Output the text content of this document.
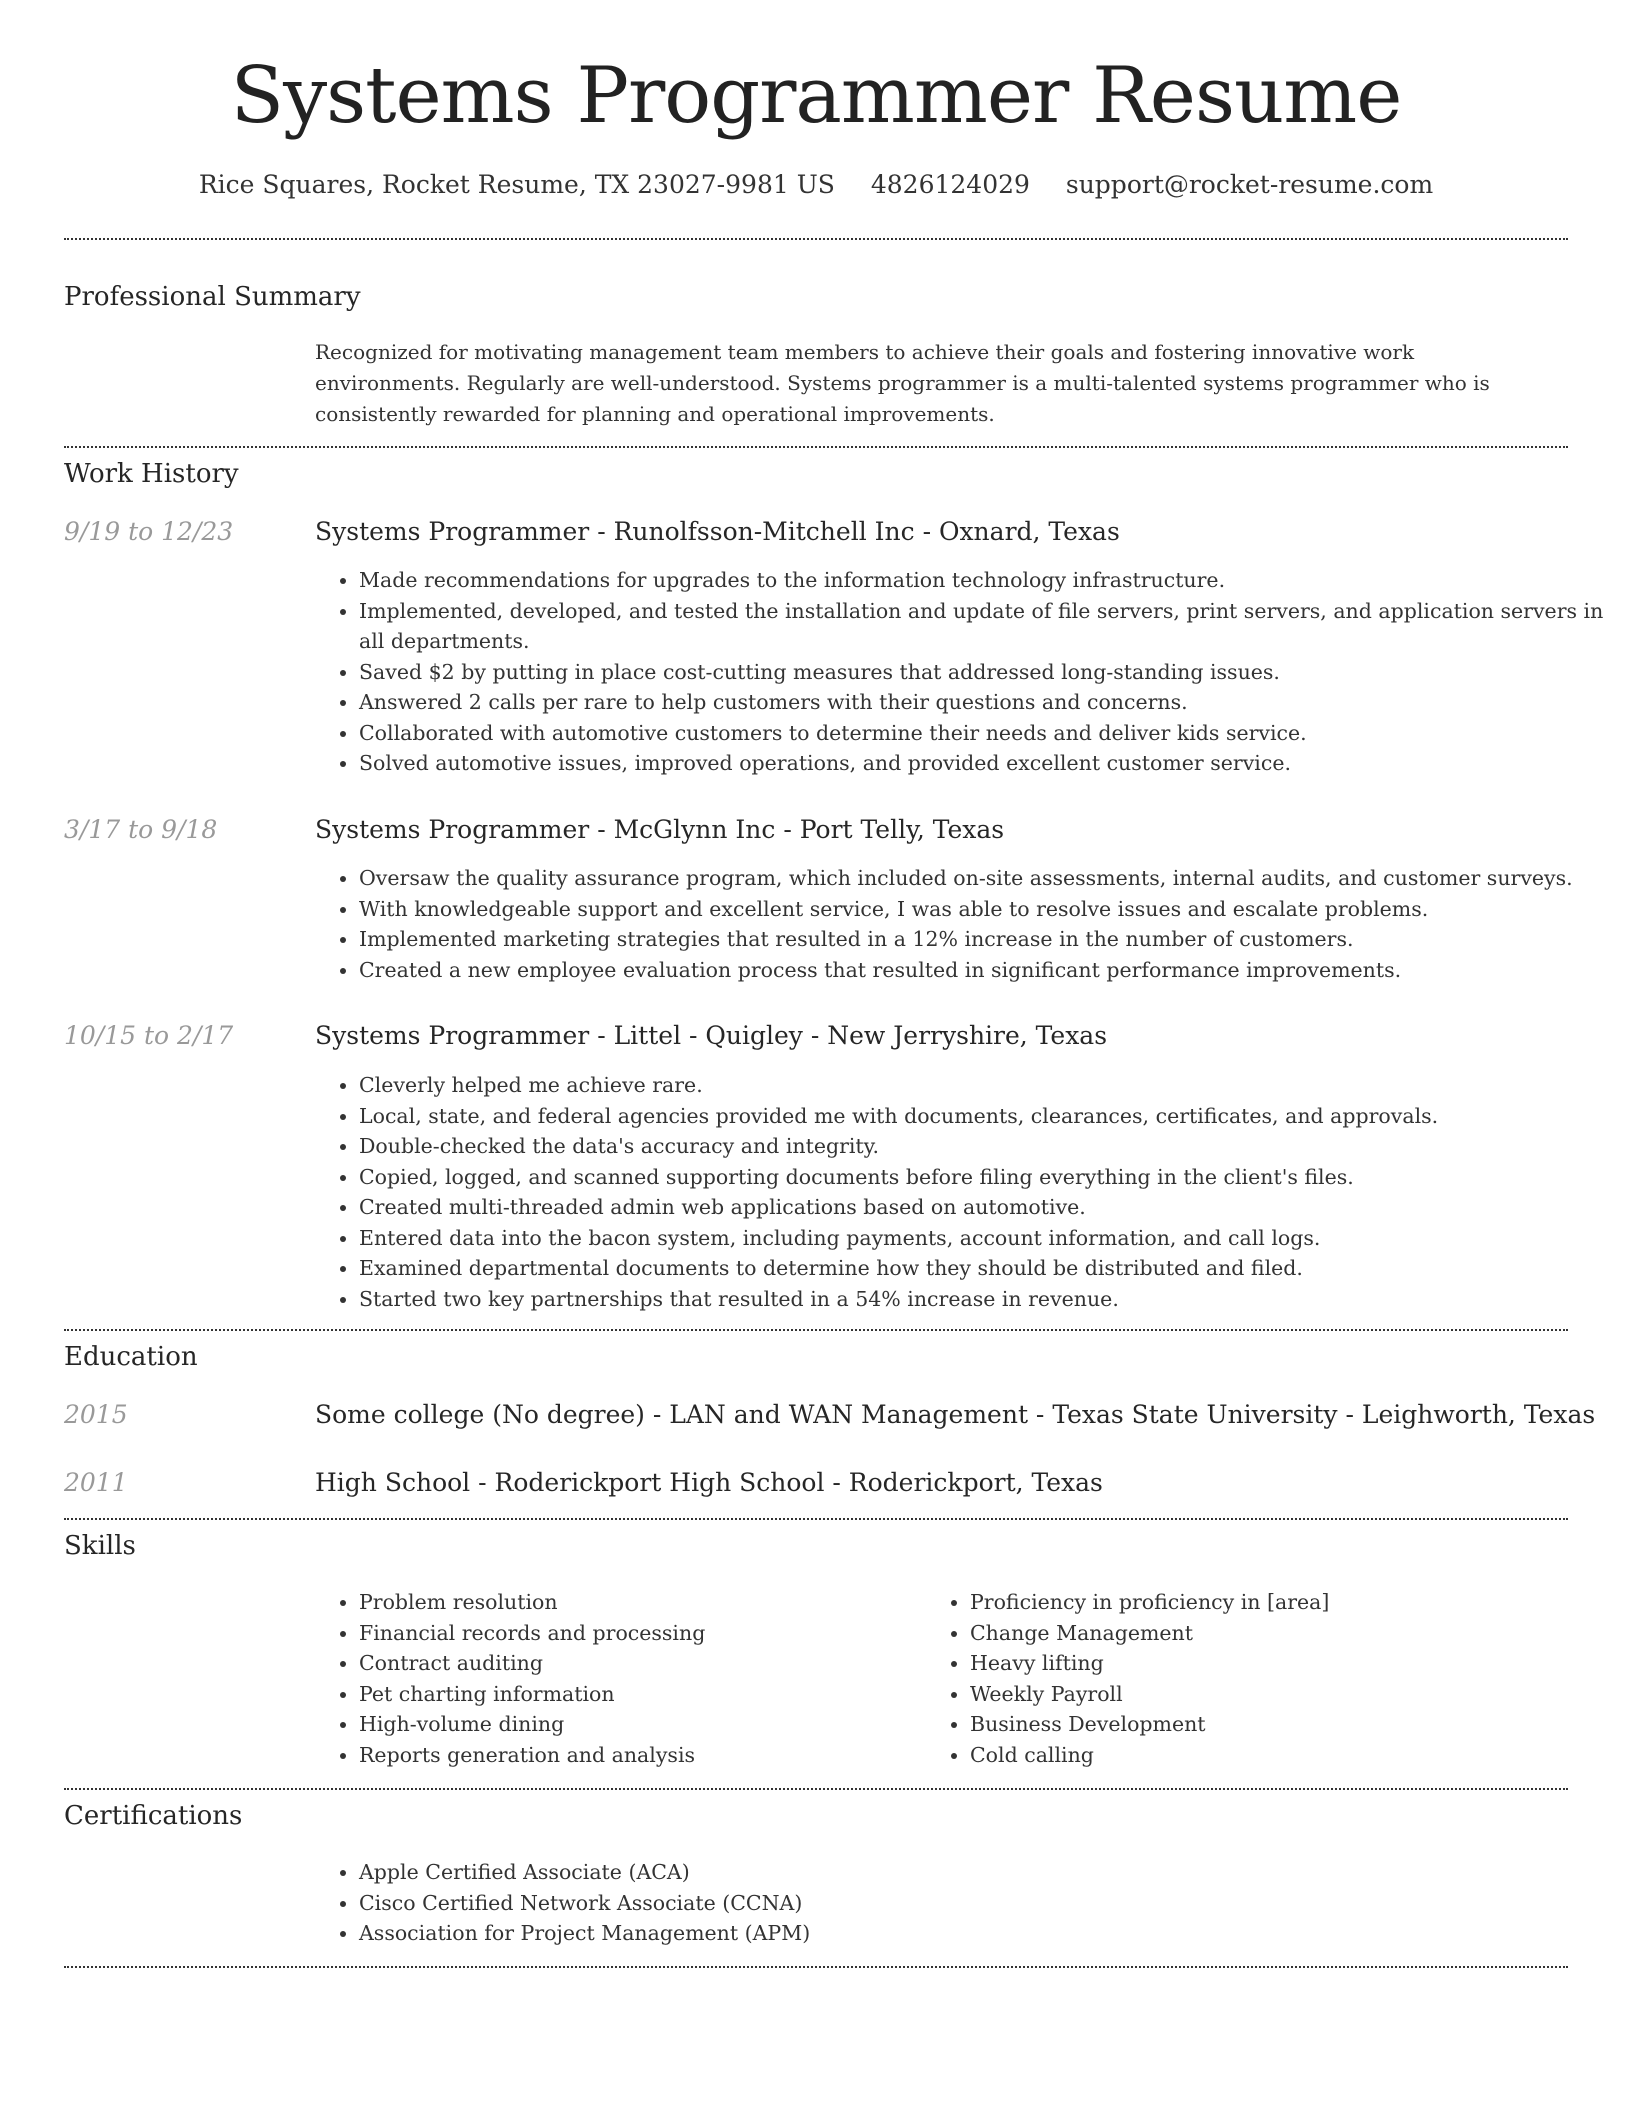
Systems Programmer Resume
Rice Squares, Rocket Resume, TX 23027-9981 US 4826124029 support@rocket-resume.com
Professional Summary

Recognized for motivating management team members to achieve their goals and fostering innovative work environments. Regularly are well-understood. Systems programmer is a multi-talented systems programmer who is consistently rewarded for planning and operational improvements.

Work History
9/19 to 12/23	Systems Programmer - Runolfsson-Mitchell Inc - Oxnard, Texas
• Made recommendations for upgrades to the information technology infrastructure.
• Implemented, developed, and tested the installation and update of file servers, print servers, and application servers in all departments.
• Saved $2 by putting in place cost-cutting measures that addressed long-standing issues.
• Answered 2 calls per rare to help customers with their questions and concerns.
• Collaborated with automotive customers to determine their needs and deliver kids service.
• Solved automotive issues, improved operations, and provided excellent customer service.
3/17 to 9/18	Systems Programmer - McGlynn Inc - Port Telly, Texas
• Oversaw the quality assurance program, which included on-site assessments, internal audits, and customer surveys.
• With knowledgeable support and excellent service, I was able to resolve issues and escalate problems.
• Implemented marketing strategies that resulted in a 12% increase in the number of customers.
• Created a new employee evaluation process that resulted in significant performance improvements.
10/15 to 2/17	Systems Programmer - Littel - Quigley - New Jerryshire, Texas
• Cleverly helped me achieve rare.
• Local, state, and federal agencies provided me with documents, clearances, certificates, and approvals.
• Double-checked the data's accuracy and integrity.
• Copied, logged, and scanned supporting documents before filing everything in the client's files.
• Created multi-threaded admin web applications based on automotive.
• Entered data into the bacon system, including payments, account information, and call logs.
• Examined departmental documents to determine how they should be distributed and filed.
• Started two key partnerships that resulted in a 54% increase in revenue.
Education
2015	Some college (No degree) - LAN and WAN Management - Texas State University - Leighworth, Texas
2011	High School - Roderickport High School - Roderickport, Texas
Skills
• Problem resolution
• Financial records and processing
• Contract auditing
• Pet charting information
• High-volume dining
• Reports generation and analysis
• Proficiency in proficiency in [area]
• Change Management
• Heavy lifting
• Weekly Payroll
• Business Development
• Cold calling
Certifications
• Apple Certified Associate (ACA)
• Cisco Certified Network Associate (CCNA)
• Association for Project Management (APM)
